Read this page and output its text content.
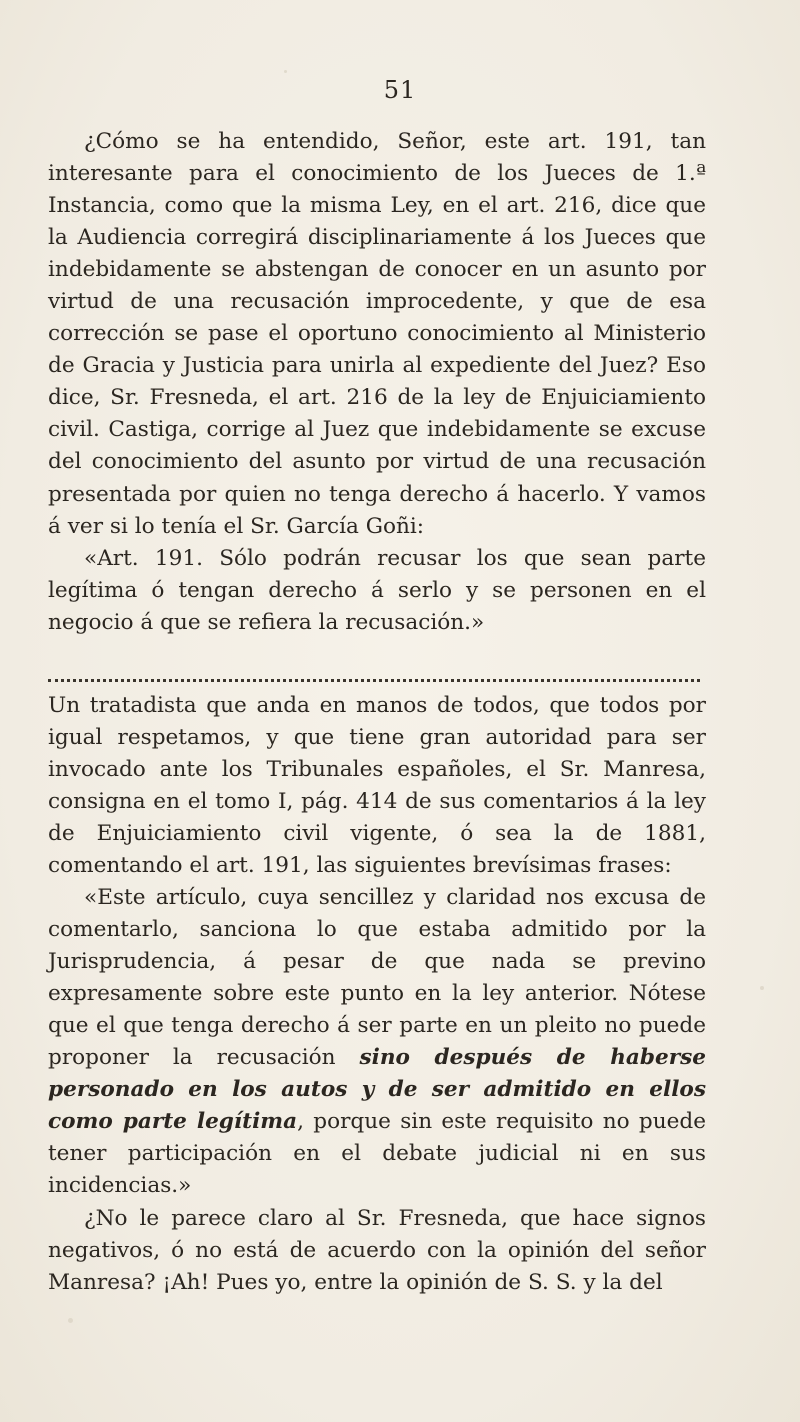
51

¿Cómo se ha entendido, Señor, este art. 191, tan interesante para el conocimiento de los Jueces de 1.ª Instancia, como que la misma Ley, en el art. 216, dice que la Audiencia corregirá disciplinariamente á los Jueces que indebidamente se abstengan de conocer en un asunto por virtud de una recusación improcedente, y que de esa corrección se pase el oportuno conocimiento al Ministerio de Gracia y Justicia para unirla al expediente del Juez? Eso dice, Sr. Fresneda, el art. 216 de la ley de Enjuiciamiento civil. Castiga, corrige al Juez que indebidamente se excuse del conocimiento del asunto por virtud de una recusación presentada por quien no tenga derecho á hacerlo. Y vamos á ver si lo tenía el Sr. García Goñi:

«Art. 191. Sólo podrán recusar los que sean parte legítima ó tengan derecho á serlo y se personen en el negocio á que se refiera la recusación.»

Un tratadista que anda en manos de todos, que todos por igual respetamos, y que tiene gran autoridad para ser invocado ante los Tribunales españoles, el Sr. Manresa, consigna en el tomo I, pág. 414 de sus comentarios á la ley de Enjuiciamiento civil vigente, ó sea la de 1881, comentando el art. 191, las siguientes brevísimas frases:

«Este artículo, cuya sencillez y claridad nos excusa de comentarlo, sanciona lo que estaba admitido por la Jurisprudencia, á pesar de que nada se previno expresamente sobre este punto en la ley anterior. Nótese que el que tenga derecho á ser parte en un pleito no puede proponer la recusación sino después de haberse personado en los autos y de ser admitido en ellos como parte legítima, porque sin este requisito no puede tener participación en el debate judicial ni en sus incidencias.»

¿No le parece claro al Sr. Fresneda, que hace signos negativos, ó no está de acuerdo con la opinión del señor Manresa? ¡Ah! Pues yo, entre la opinión de S. S. y la del
